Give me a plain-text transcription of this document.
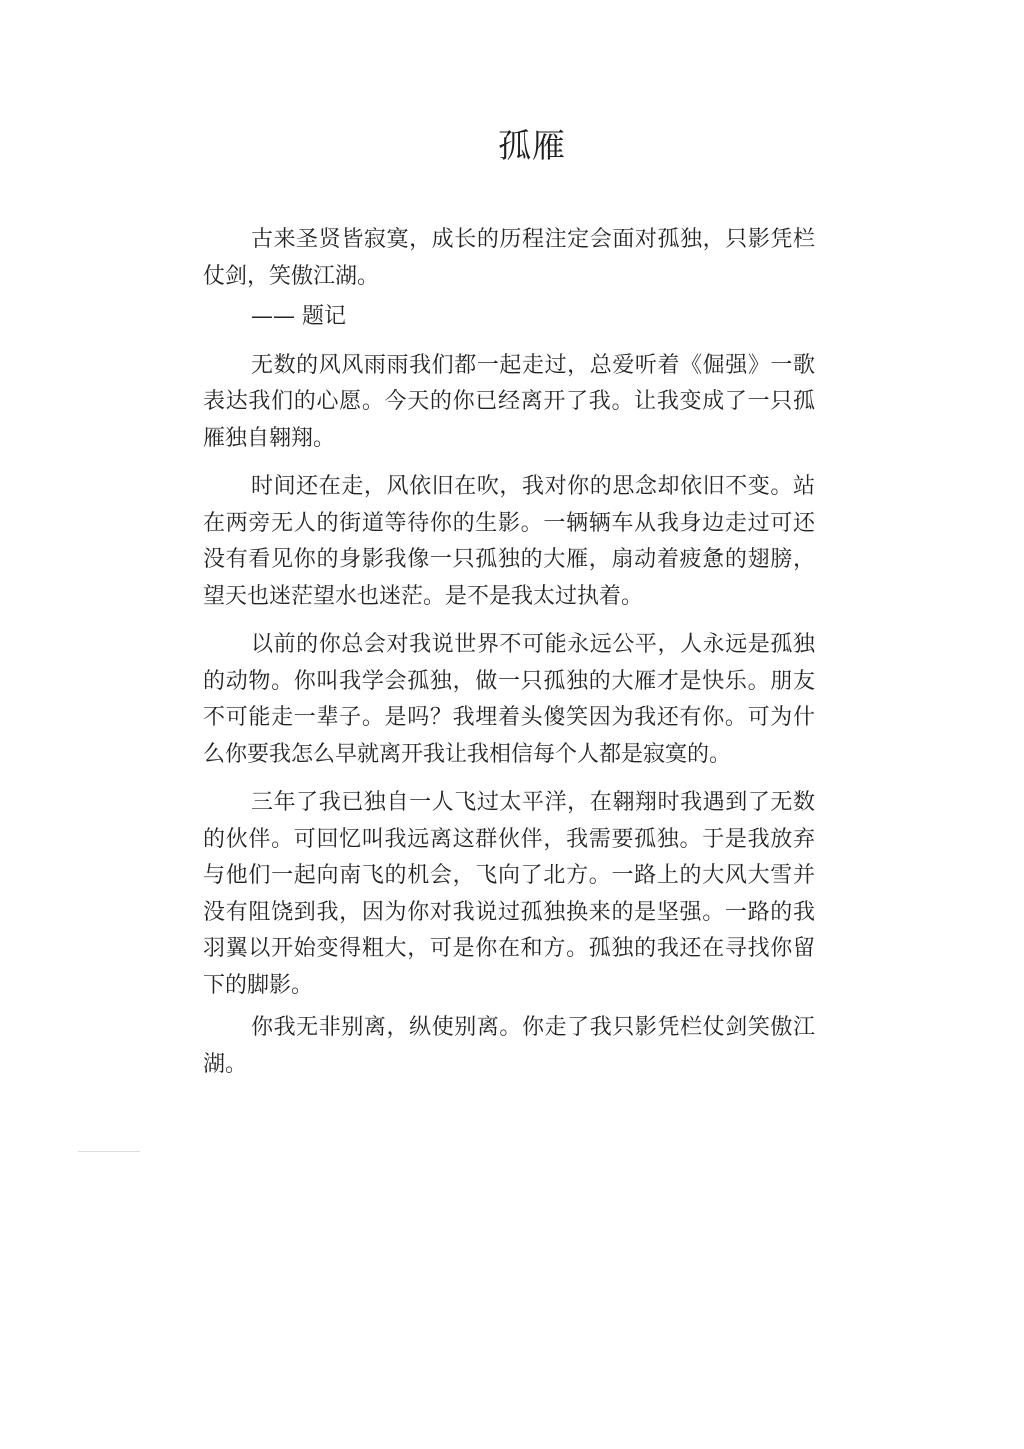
孤雁

古来圣贤皆寂寞，成长的历程注定会面对孤独，只影凭栏仗剑，笑傲江湖。

—— 题记

无数的风风雨雨我们都一起走过，总爱听着《倔强》一歌表达我们的心愿。今天的你已经离开了我。让我变成了一只孤雁独自翱翔。

时间还在走，风依旧在吹，我对你的思念却依旧不变。站在两旁无人的街道等待你的生影。一辆辆车从我身边走过可还没有看见你的身影我像一只孤独的大雁，扇动着疲惫的翅膀，望天也迷茫望水也迷茫。是不是我太过执着。

以前的你总会对我说世界不可能永远公平，人永远是孤独的动物。你叫我学会孤独，做一只孤独的大雁才是快乐。朋友不可能走一辈子。是吗？我埋着头傻笑因为我还有你。可为什么你要我怎么早就离开我让我相信每个人都是寂寞的。

三年了我已独自一人飞过太平洋，在翱翔时我遇到了无数的伙伴。可回忆叫我远离这群伙伴，我需要孤独。于是我放弃与他们一起向南飞的机会，飞向了北方。一路上的大风大雪并没有阻饶到我，因为你对我说过孤独换来的是坚强。一路的我羽翼以开始变得粗大，可是你在和方。孤独的我还在寻找你留下的脚影。

你我无非别离，纵使别离。你走了我只影凭栏仗剑笑傲江湖。
